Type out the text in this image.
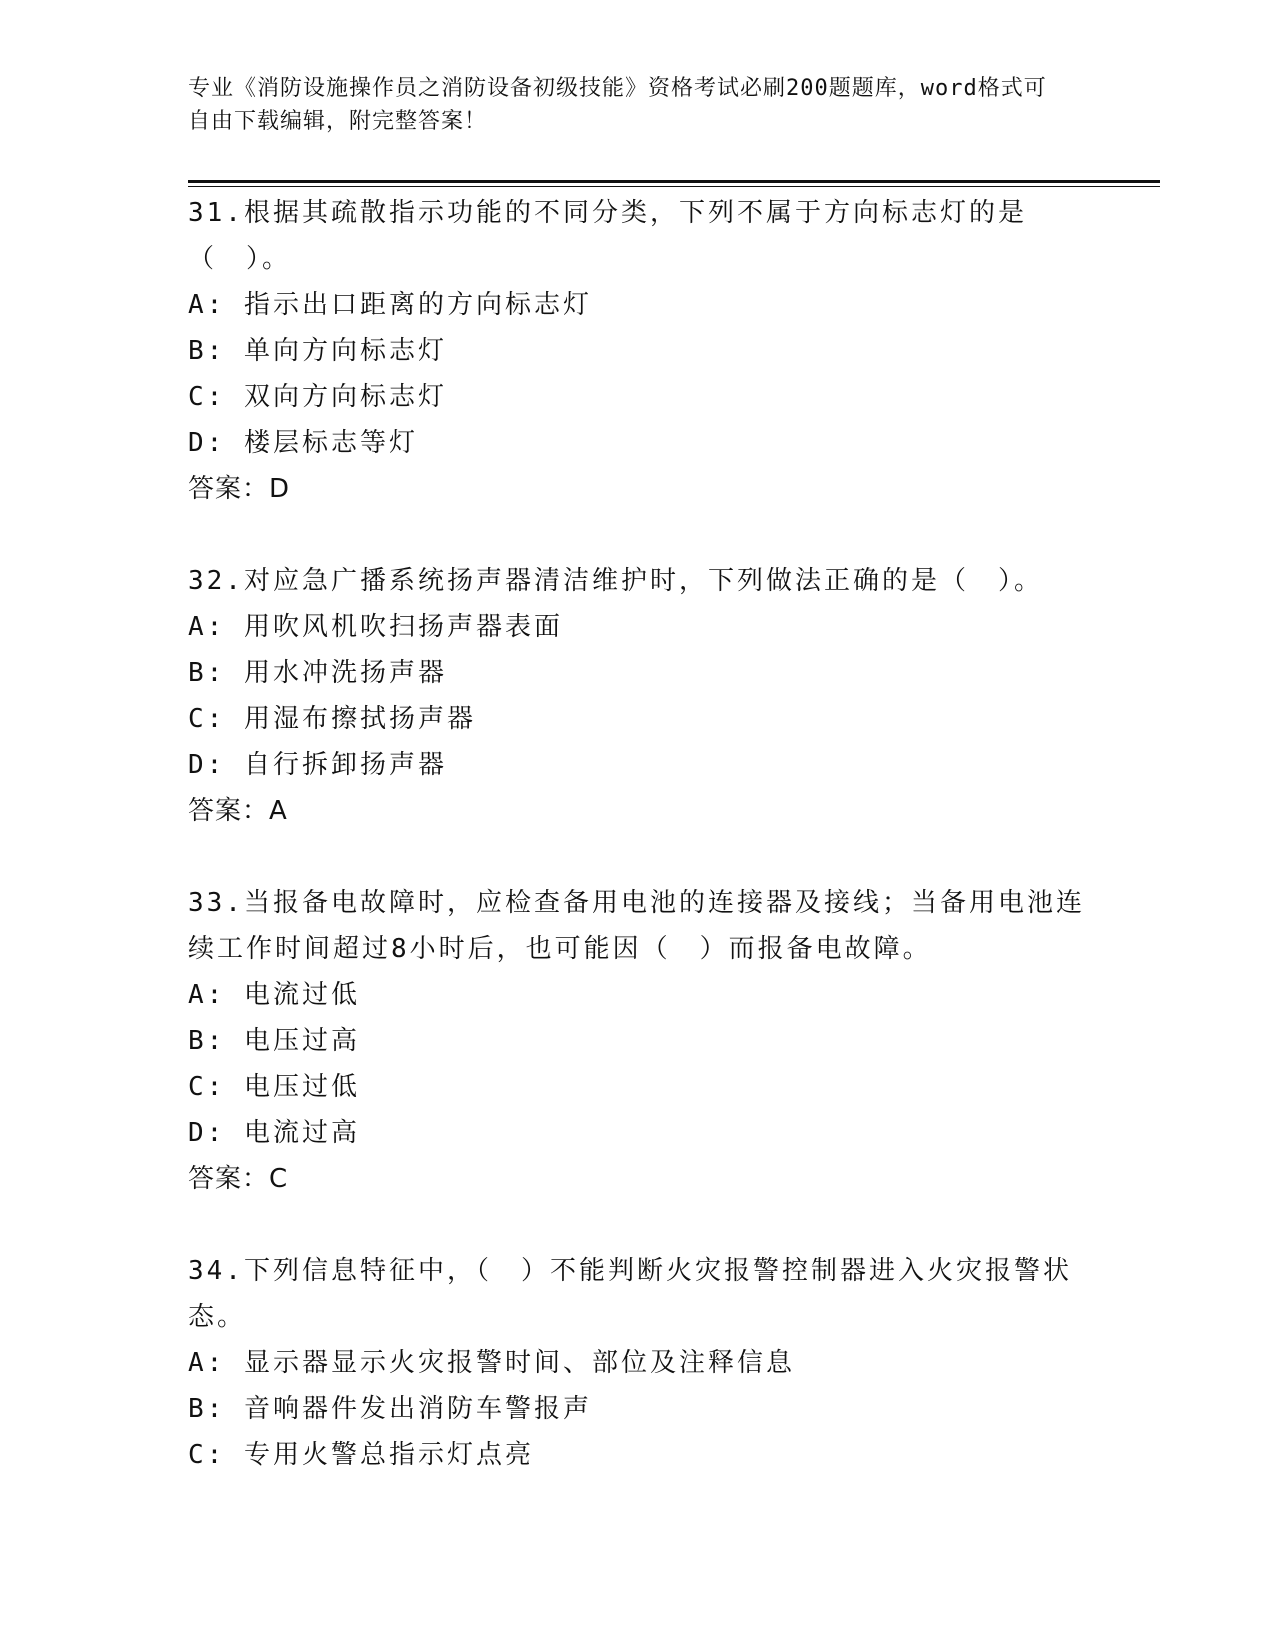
专业《消防设施操作员之消防设备初级技能》资格考试必刷200题题库，word格式可自由下载编辑，附完整答案！
31.根据其疏散指示功能的不同分类，下列不属于方向标志灯的是（　）。
A: 指示出口距离的方向标志灯
B: 单向方向标志灯
C: 双向方向标志灯
D: 楼层标志等灯
答案：D
32.对应急广播系统扬声器清洁维护时，下列做法正确的是（　）。
A: 用吹风机吹扫扬声器表面
B: 用水冲洗扬声器
C: 用湿布擦拭扬声器
D: 自行拆卸扬声器
答案：A
33.当报备电故障时，应检查备用电池的连接器及接线；当备用电池连续工作时间超过8小时后，也可能因（　）而报备电故障。
A: 电流过低
B: 电压过高
C: 电压过低
D: 电流过高
答案：C
34.下列信息特征中，（　）不能判断火灾报警控制器进入火灾报警状态。
A: 显示器显示火灾报警时间、部位及注释信息
B: 音响器件发出消防车警报声
C: 专用火警总指示灯点亮
